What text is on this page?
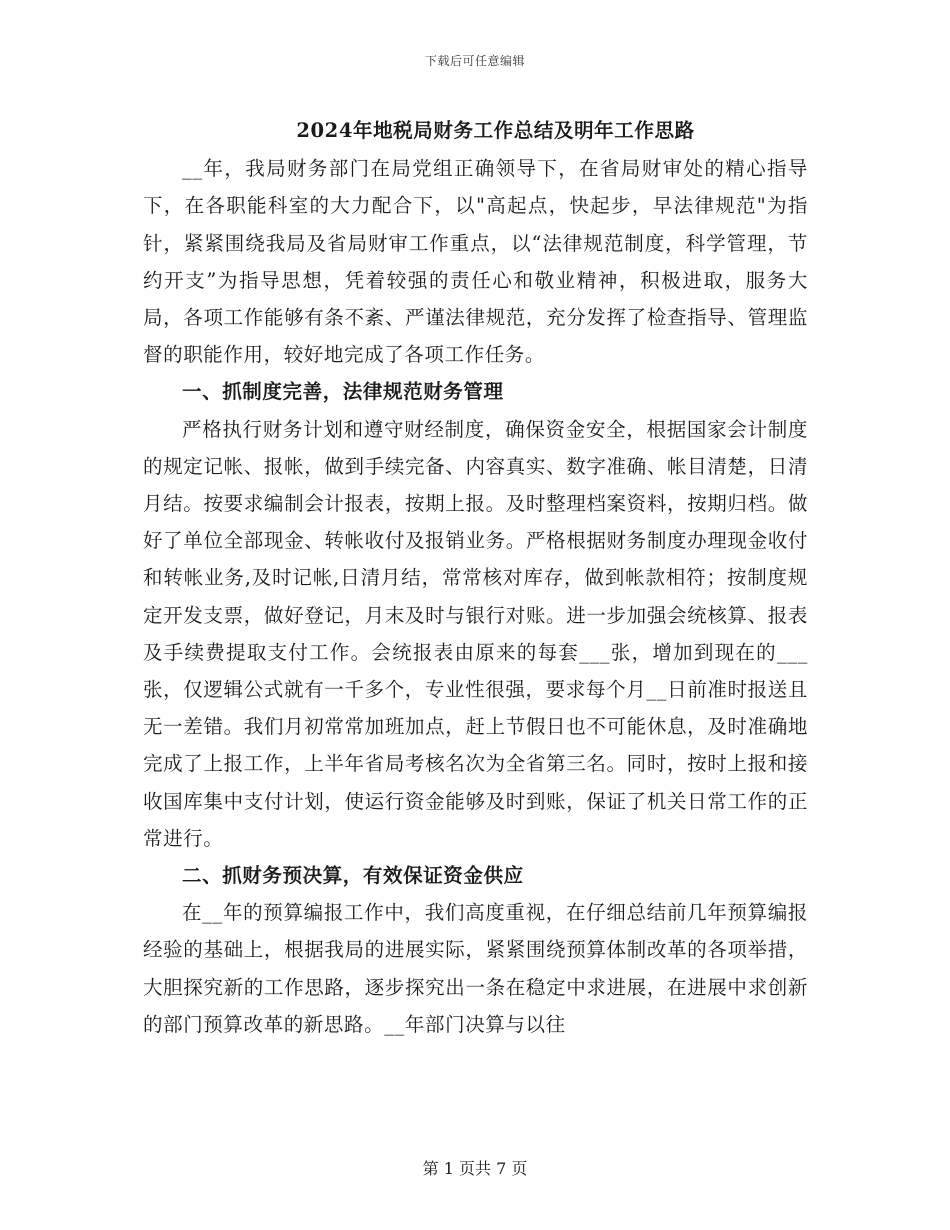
下载后可任意编辑
2024年地税局财务工作总结及明年工作思路

__年，我局财务部门在局党组正确领导下，在省局财审处的精心指导下，在各职能科室的大力配合下，以"高起点，快起步，早法律规范"为指针，紧紧围绕我局及省局财审工作重点，以“法律规范制度，科学管理，节约开支”为指导思想，凭着较强的责任心和敬业精神，积极进取，服务大局，各项工作能够有条不紊、严谨法律规范，充分发挥了检查指导、管理监督的职能作用，较好地完成了各项工作任务。

一、抓制度完善，法律规范财务管理

严格执行财务计划和遵守财经制度，确保资金安全，根据国家会计制度的规定记帐、报帐，做到手续完备、内容真实、数字准确、帐目清楚，日清月结。按要求编制会计报表，按期上报。及时整理档案资料，按期归档。做好了单位全部现金、转帐收付及报销业务。严格根据财务制度办理现金收付和转帐业务,及时记帐,日清月结，常常核对库存，做到帐款相符；按制度规定开发支票，做好登记，月末及时与银行对账。进一步加强会统核算、报表及手续费提取支付工作。会统报表由原来的每套___张，增加到现在的___张，仅逻辑公式就有一千多个，专业性很强，要求每个月__日前准时报送且无一差错。我们月初常常加班加点，赶上节假日也不可能休息，及时准确地完成了上报工作，上半年省局考核名次为全省第三名。同时，按时上报和接收国库集中支付计划，使运行资金能够及时到账，保证了机关日常工作的正常进行。

二、抓财务预决算，有效保证资金供应

在__年的预算编报工作中，我们高度重视，在仔细总结前几年预算编报经验的基础上，根据我局的进展实际，紧紧围绕预算体制改革的各项举措，大胆探究新的工作思路，逐步探究出一条在稳定中求进展，在进展中求创新的部门预算改革的新思路。__年部门决算与以往

第 1 页共 7 页
